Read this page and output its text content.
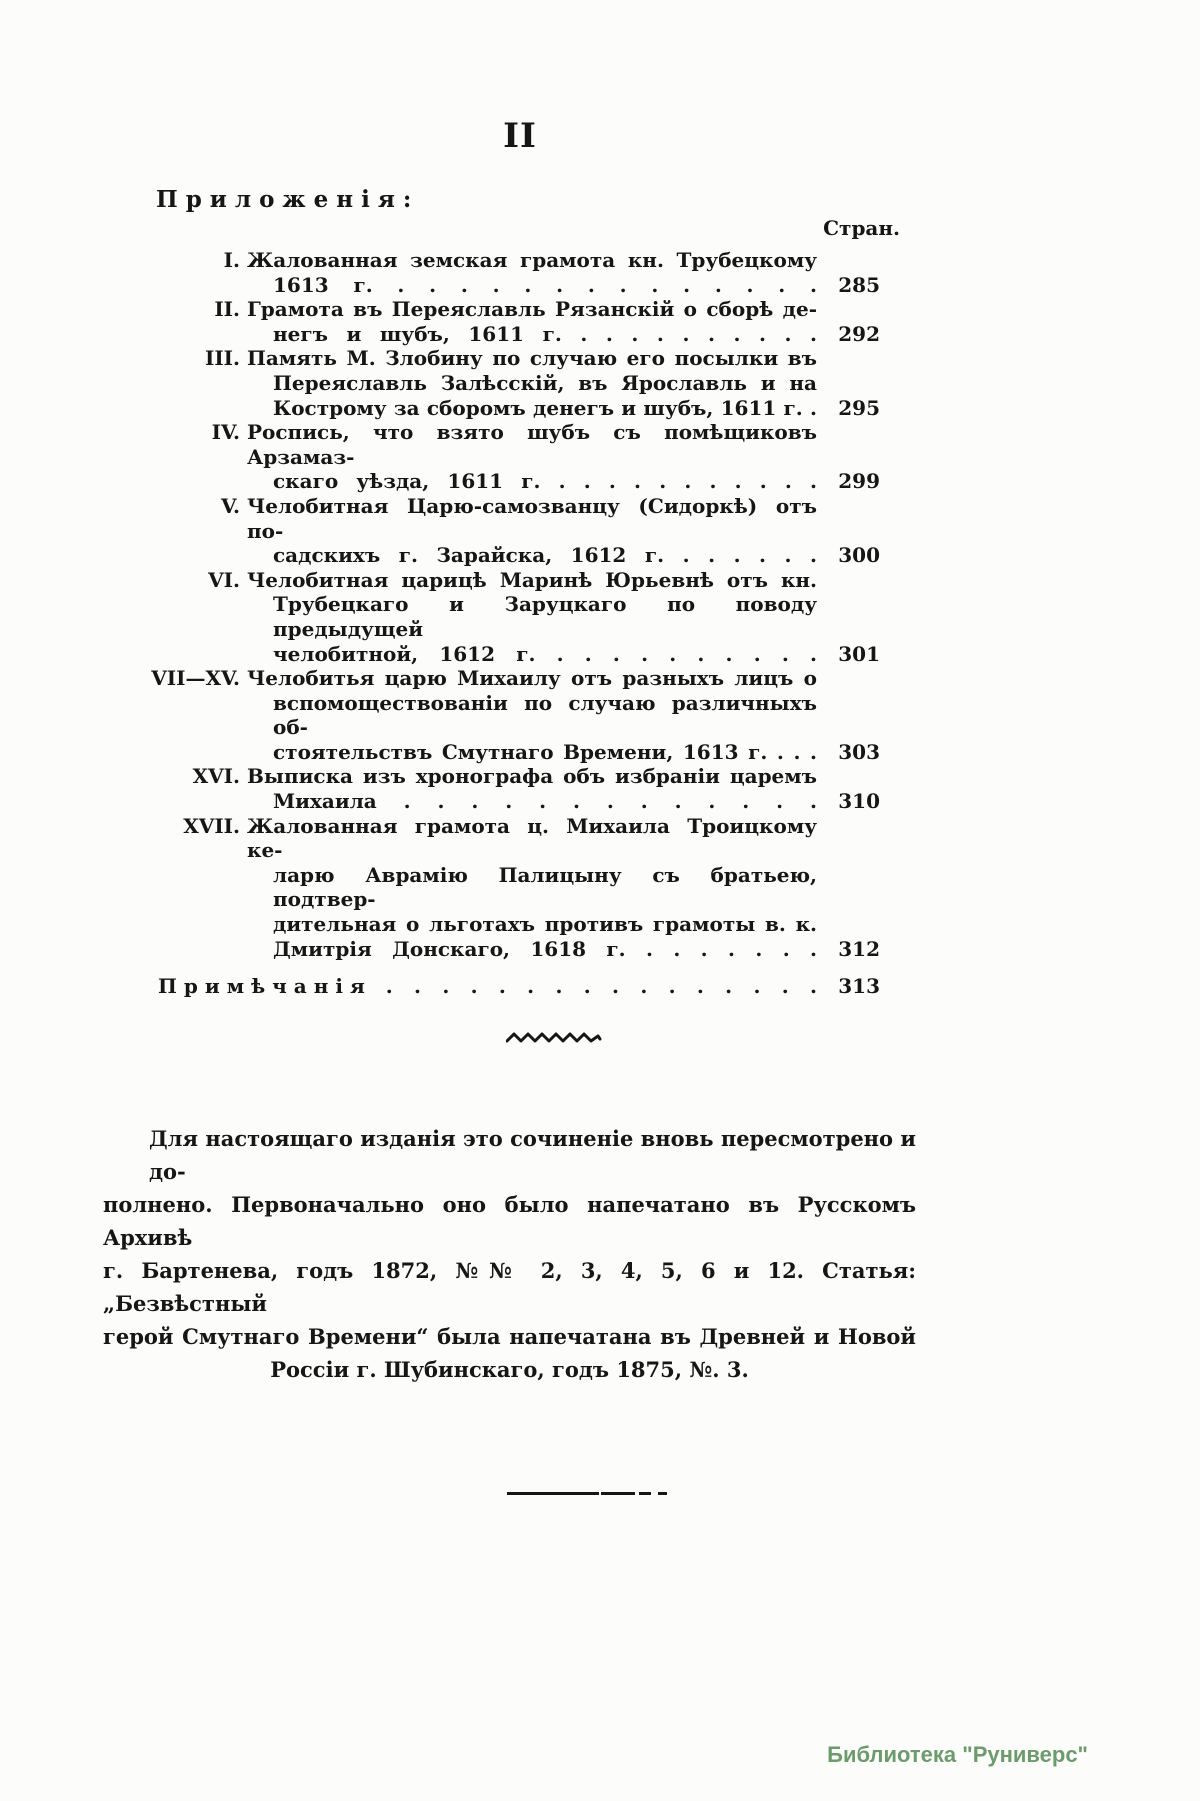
II
Приложенія:
Стран.
I. Жалованная земская грамота кн. Трубецкому
1613 г. . . . . . . . . . . . . . .	285
II. Грамота въ Переяславль Рязанскій о сборѣ де-
негъ и шубъ, 1611 г. . . . . . . . . . .	292
III. Память М. Злобину по случаю его посылки въ
Переяславль Залѣсскій, въ Ярославль и на
Кострому за сборомъ денегъ и шубъ, 1611 г. .	295
IV. Роспись, что взято шубъ съ помѣщиковъ Арзамаз-
скаго уѣзда, 1611 г. . . . . . . . . . . .	299
V. Челобитная Царю-самозванцу (Сидоркѣ) отъ по-
садскихъ г. Зарайска, 1612 г. . . . . . .	300
VI. Челобитная царицѣ Маринѣ Юрьевнѣ отъ кн.
Трубецкаго и Заруцкаго по поводу предыдущей
челобитной, 1612 г. . . . . . . . . . .	301
VII—XV. Челобитья царю Михаилу отъ разныхъ лицъ о
вспомоществованіи по случаю различныхъ об-
стоятельствъ Смутнаго Времени, 1613 г. . . .	303
XVI. Выписка изъ хронографа объ избраніи царемъ
Михаила . . . . . . . . . . . . .	310
XVII. Жалованная грамота ц. Михаила Троицкому ке-
ларю Аврамію Палицыну съ братьею, подтвер-
дительная о льготахъ противъ грамоты в. к.
Дмитрія Донскаго, 1618 г. . . . . . . .	312
Примѣчанія . . . . . . . . . . . . . . . .	313
Для настоящаго изданія это сочиненіе вновь пересмотрено и до-
полнено. Первоначально оно было напечатано въ Русскомъ Архивѣ
г. Бартенева, годъ 1872, №№ 2, 3, 4, 5, 6 и 12. Статья: „Безвѣстный
герой Смутнаго Времени“ была напечатана въ Древней и Новой
Россіи г. Шубинскаго, годъ 1875, №. 3.
Библиотека "Руниверс"
